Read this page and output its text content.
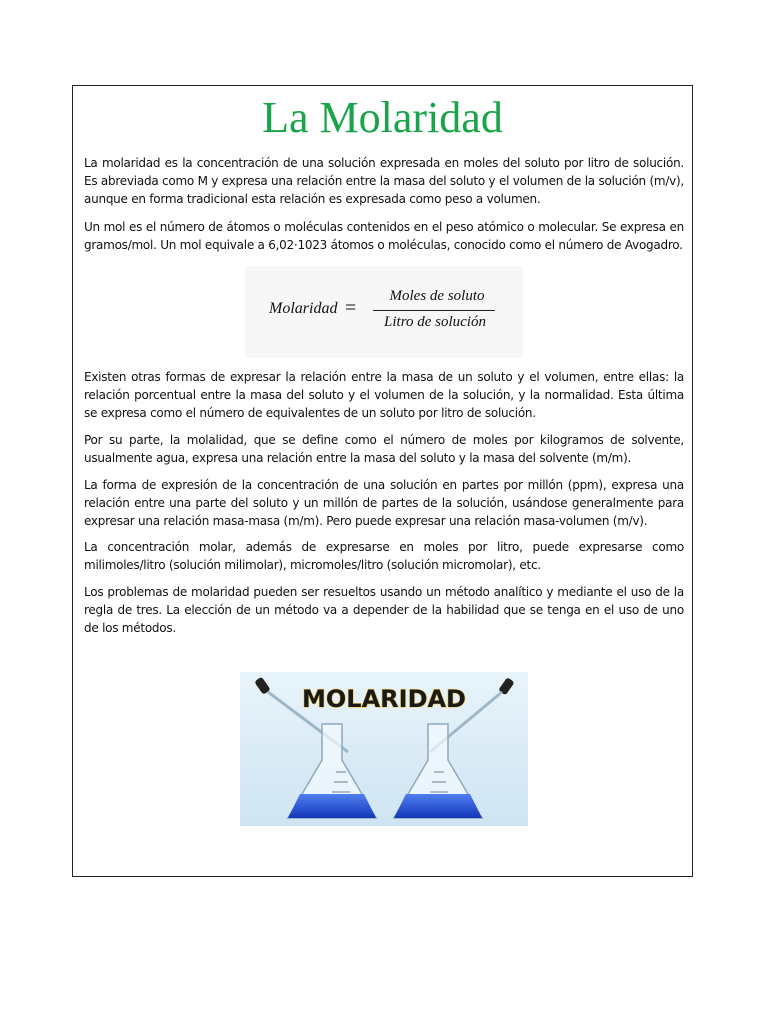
La Molaridad

La molaridad es la concentración de una solución expresada en moles del soluto por litro de solución. Es abreviada como M y expresa una relación entre la masa del soluto y el volumen de la solución (m/v), aunque en forma tradicional esta relación es expresada como peso a volumen.

Un mol es el número de átomos o moléculas contenidos en el peso atómico o molecular. Se expresa en gramos/mol. Un mol equivale a 6,02·1023 átomos o moléculas, conocido como el número de Avogadro.

Molaridad =
Moles de soluto
Litro de solución

Existen otras formas de expresar la relación entre la masa de un soluto y el volumen, entre ellas: la relación porcentual entre la masa del soluto y el volumen de la solución, y la normalidad. Esta última se expresa como el número de equivalentes de un soluto por litro de solución.

Por su parte, la molalidad, que se define como el número de moles por kilogramos de solvente, usualmente agua, expresa una relación entre la masa del soluto y la masa del solvente (m/m).

La forma de expresión de la concentración de una solución en partes por millón (ppm), expresa una relación entre una parte del soluto y un millón de partes de la solución, usándose generalmente para expresar una relación masa-masa (m/m). Pero puede expresar una relación masa-volumen (m/v).

La concentración molar, además de expresarse en moles por litro, puede expresarse como milimoles/litro (solución milimolar), micromoles/litro (solución micromolar), etc.

Los problemas de molaridad pueden ser resueltos usando un método analítico y mediante el uso de la regla de tres. La elección de un método va a depender de la habilidad que se tenga en el uso de uno de los métodos.

MOLARIDAD
